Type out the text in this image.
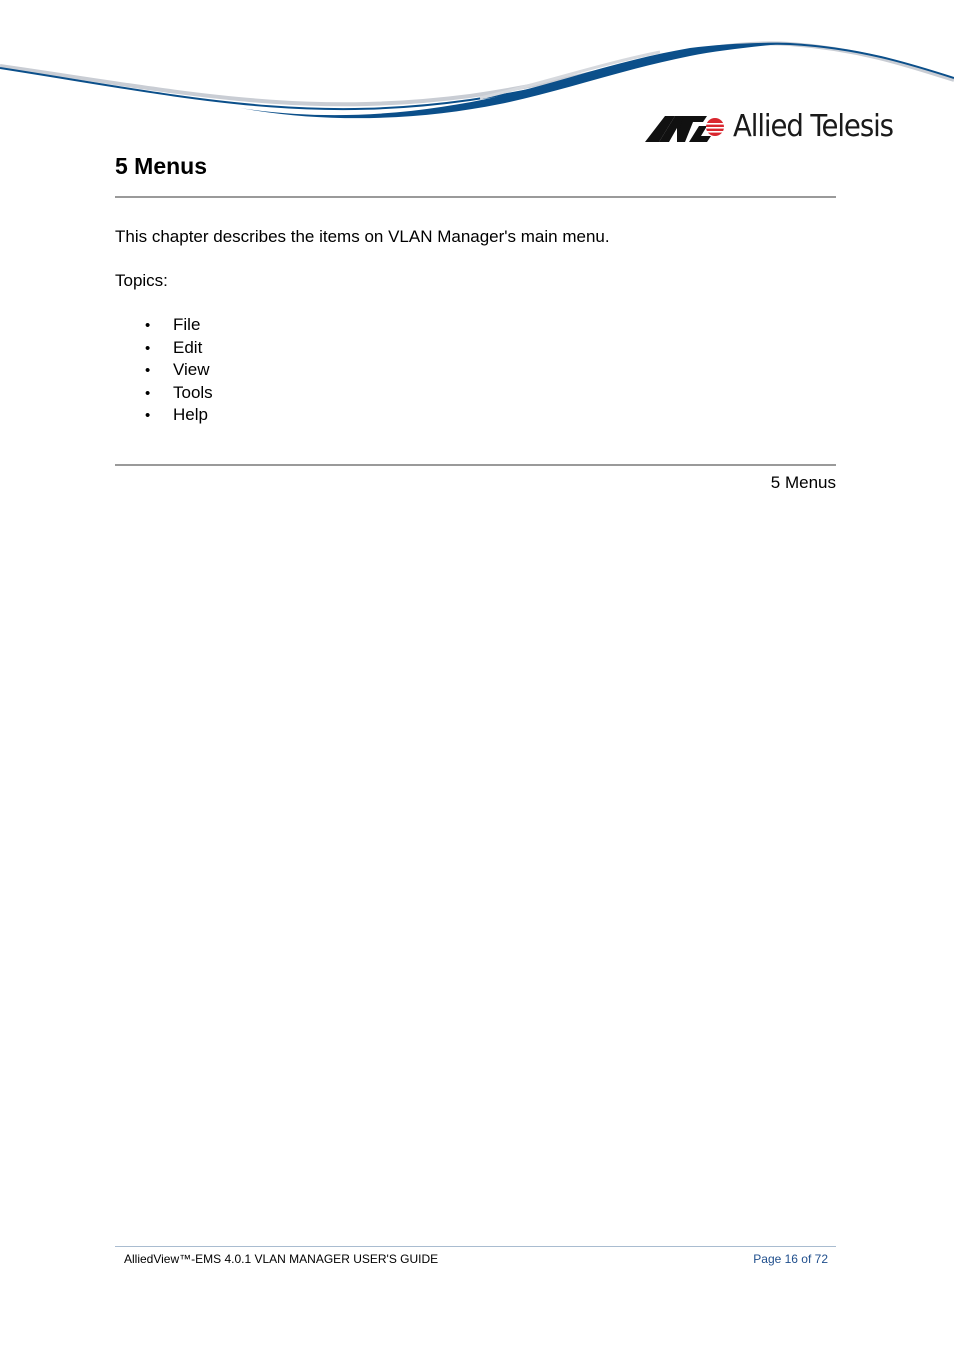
Allied Telesis
5 Menus

This chapter describes the items on VLAN Manager's main menu.

Topics:

• File
• Edit
• View
• Tools
• Help
5 Menus
AlliedView™-EMS 4.0.1 VLAN MANAGER USER'S GUIDE	Page 16 of 72
